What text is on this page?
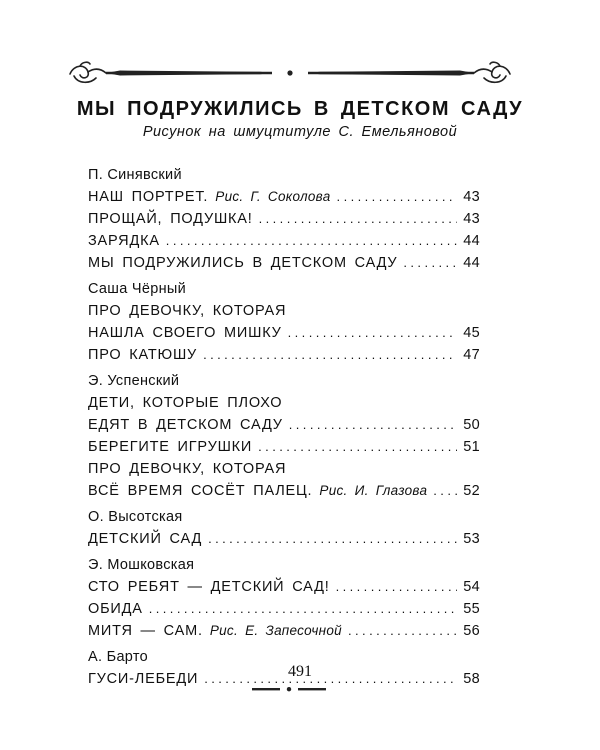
МЫ ПОДРУЖИЛИСЬ В ДЕТСКОМ САДУ

Рисунок на шмуцтитуле С. Емельяновой

П. Синявский
НАШ ПОРТРЕТ. Рис. Г. Соколова . . .	43
ПРОЩАЙ, ПОДУШКА! . . .	43
ЗАРЯДКА . . .	44
МЫ ПОДРУЖИЛИСЬ В ДЕТСКОМ САДУ . . .	44
Саша Чёрный
ПРО ДЕВОЧКУ, КОТОРАЯ
НАШЛА СВОЕГО МИШКУ . . .	45
ПРО КАТЮШУ . . .	47
Э. Успенский
ДЕТИ, КОТОРЫЕ ПЛОХО
ЕДЯТ В ДЕТСКОМ САДУ . . .	50
БЕРЕГИТЕ ИГРУШКИ . . .	51
ПРО ДЕВОЧКУ, КОТОРАЯ
ВСЁ ВРЕМЯ СОСЁТ ПАЛЕЦ. Рис. И. Глазова . . . 52
О. Высотская
ДЕТСКИЙ САД . . .	53
Э. Мошковская
СТО РЕБЯТ — ДЕТСКИЙ САД! . . .	54
ОБИДА . . .	55
МИТЯ — САМ. Рис. Е. Запесочной . . .	56
А. Барто
ГУСИ-ЛЕБЕДИ . . .	58
491
